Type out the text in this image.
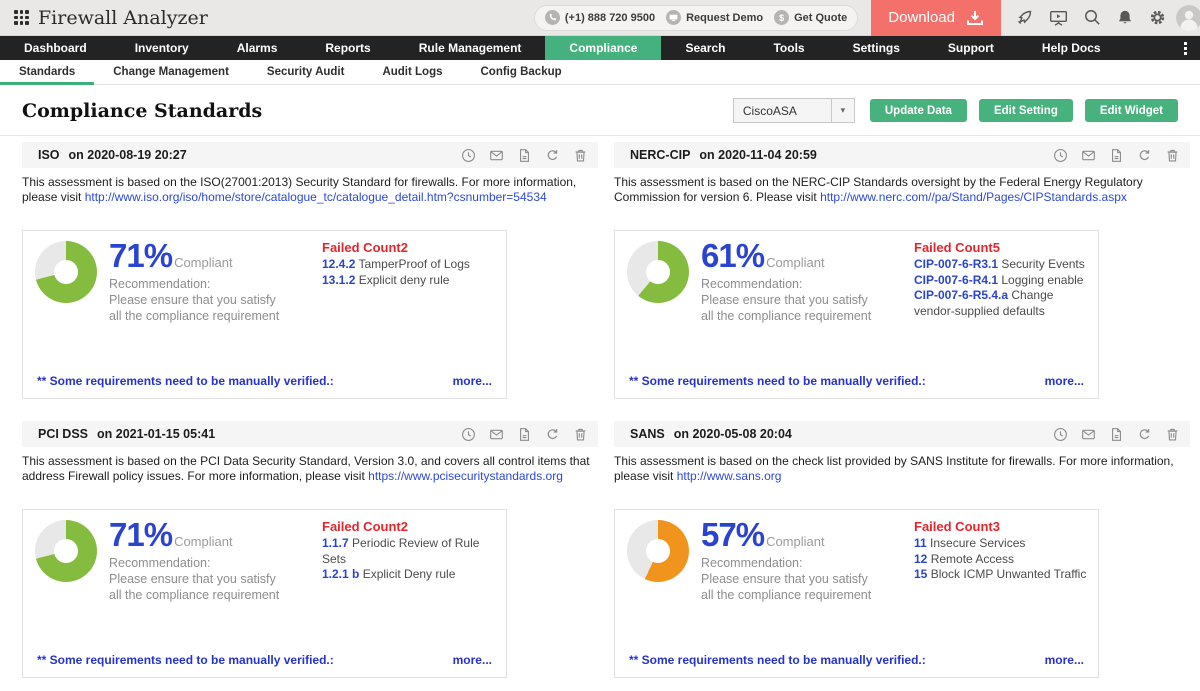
Firewall Analyzer	(+1) 888 720 9500	Request Demo	$ Get Quote	Download
Dashboard	Inventory	Alarms	Reports	Rule Management	Compliance	Search	Tools	Settings	Support	Help Docs
Standards	Change Management	Security Audit	Audit Logs	Config Backup
Compliance Standards	CiscoASA	▾	Update Data	Edit Setting	Edit Widget
ISO on 2020-08-19 20:27

This assessment is based on the ISO(27001:2013) Security Standard for firewalls. For more information, please visit http://www.iso.org/iso/home/store/catalogue_tc/catalogue_detail.htm?csnumber=54534

71% Compliant
Recommendation:
Please ensure that you satisfy all the compliance requirement
Failed Count2
12.4.2 TamperProof of Logs
13.1.2 Explicit deny rule
** Some requirements need to be manually verified.:	more...
NERC-CIP on 2020-11-04 20:59

This assessment is based on the NERC-CIP Standards oversight by the Federal Energy Regulatory Commission for version 6. Please visit http://www.nerc.com//pa/Stand/Pages/CIPStandards.aspx

61% Compliant
Recommendation:
Please ensure that you satisfy all the compliance requirement
Failed Count5
CIP-007-6-R3.1 Security Events
CIP-007-6-R4.1 Logging enable
CIP-007-6-R5.4.a Change vendor-supplied defaults
** Some requirements need to be manually verified.:	more...
PCI DSS on 2021-01-15 05:41

This assessment is based on the PCI Data Security Standard, Version 3.0, and covers all control items that address Firewall policy issues. For more information, please visit https://www.pcisecuritystandards.org

71% Compliant
Recommendation:
Please ensure that you satisfy all the compliance requirement
Failed Count2
1.1.7 Periodic Review of Rule Sets
1.2.1 b Explicit Deny rule
** Some requirements need to be manually verified.:	more...
SANS on 2020-05-08 20:04

This assessment is based on the check list provided by SANS Institute for firewalls. For more information, please visit http://www.sans.org

57% Compliant
Recommendation:
Please ensure that you satisfy all the compliance requirement
Failed Count3
11 Insecure Services
12 Remote Access
15 Block ICMP Unwanted Traffic
** Some requirements need to be manually verified.:	more...
